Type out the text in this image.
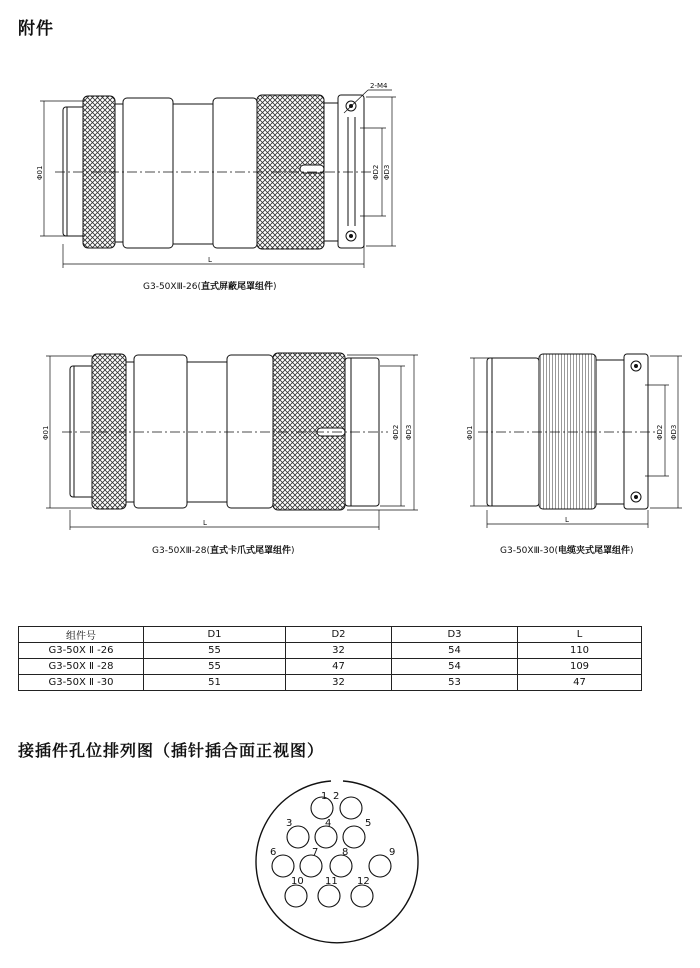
附件
Φ01	ΦD2 ΦD3
L
2-M4
G3-50XⅢ-26(直式屏蔽尾罩组件)
Φ01	ΦD2 ΦD3
L
G3-50XⅢ-28(直式卡爪式尾罩组件)
Φ01	ΦD2 ΦD3
L
G3-50XⅢ-30(电缆夹式尾罩组件)
组件号	D1	D2	D3	L
G3-50X Ⅱ -26	55	32	54	110
G3-50X Ⅱ -28	55	47	54	109
G3-50X Ⅱ -30	51	32	53	47
接插件孔位排列图（插针插合面正视图）
1 2
3	4	5
6	7 8	9
10 11 12
